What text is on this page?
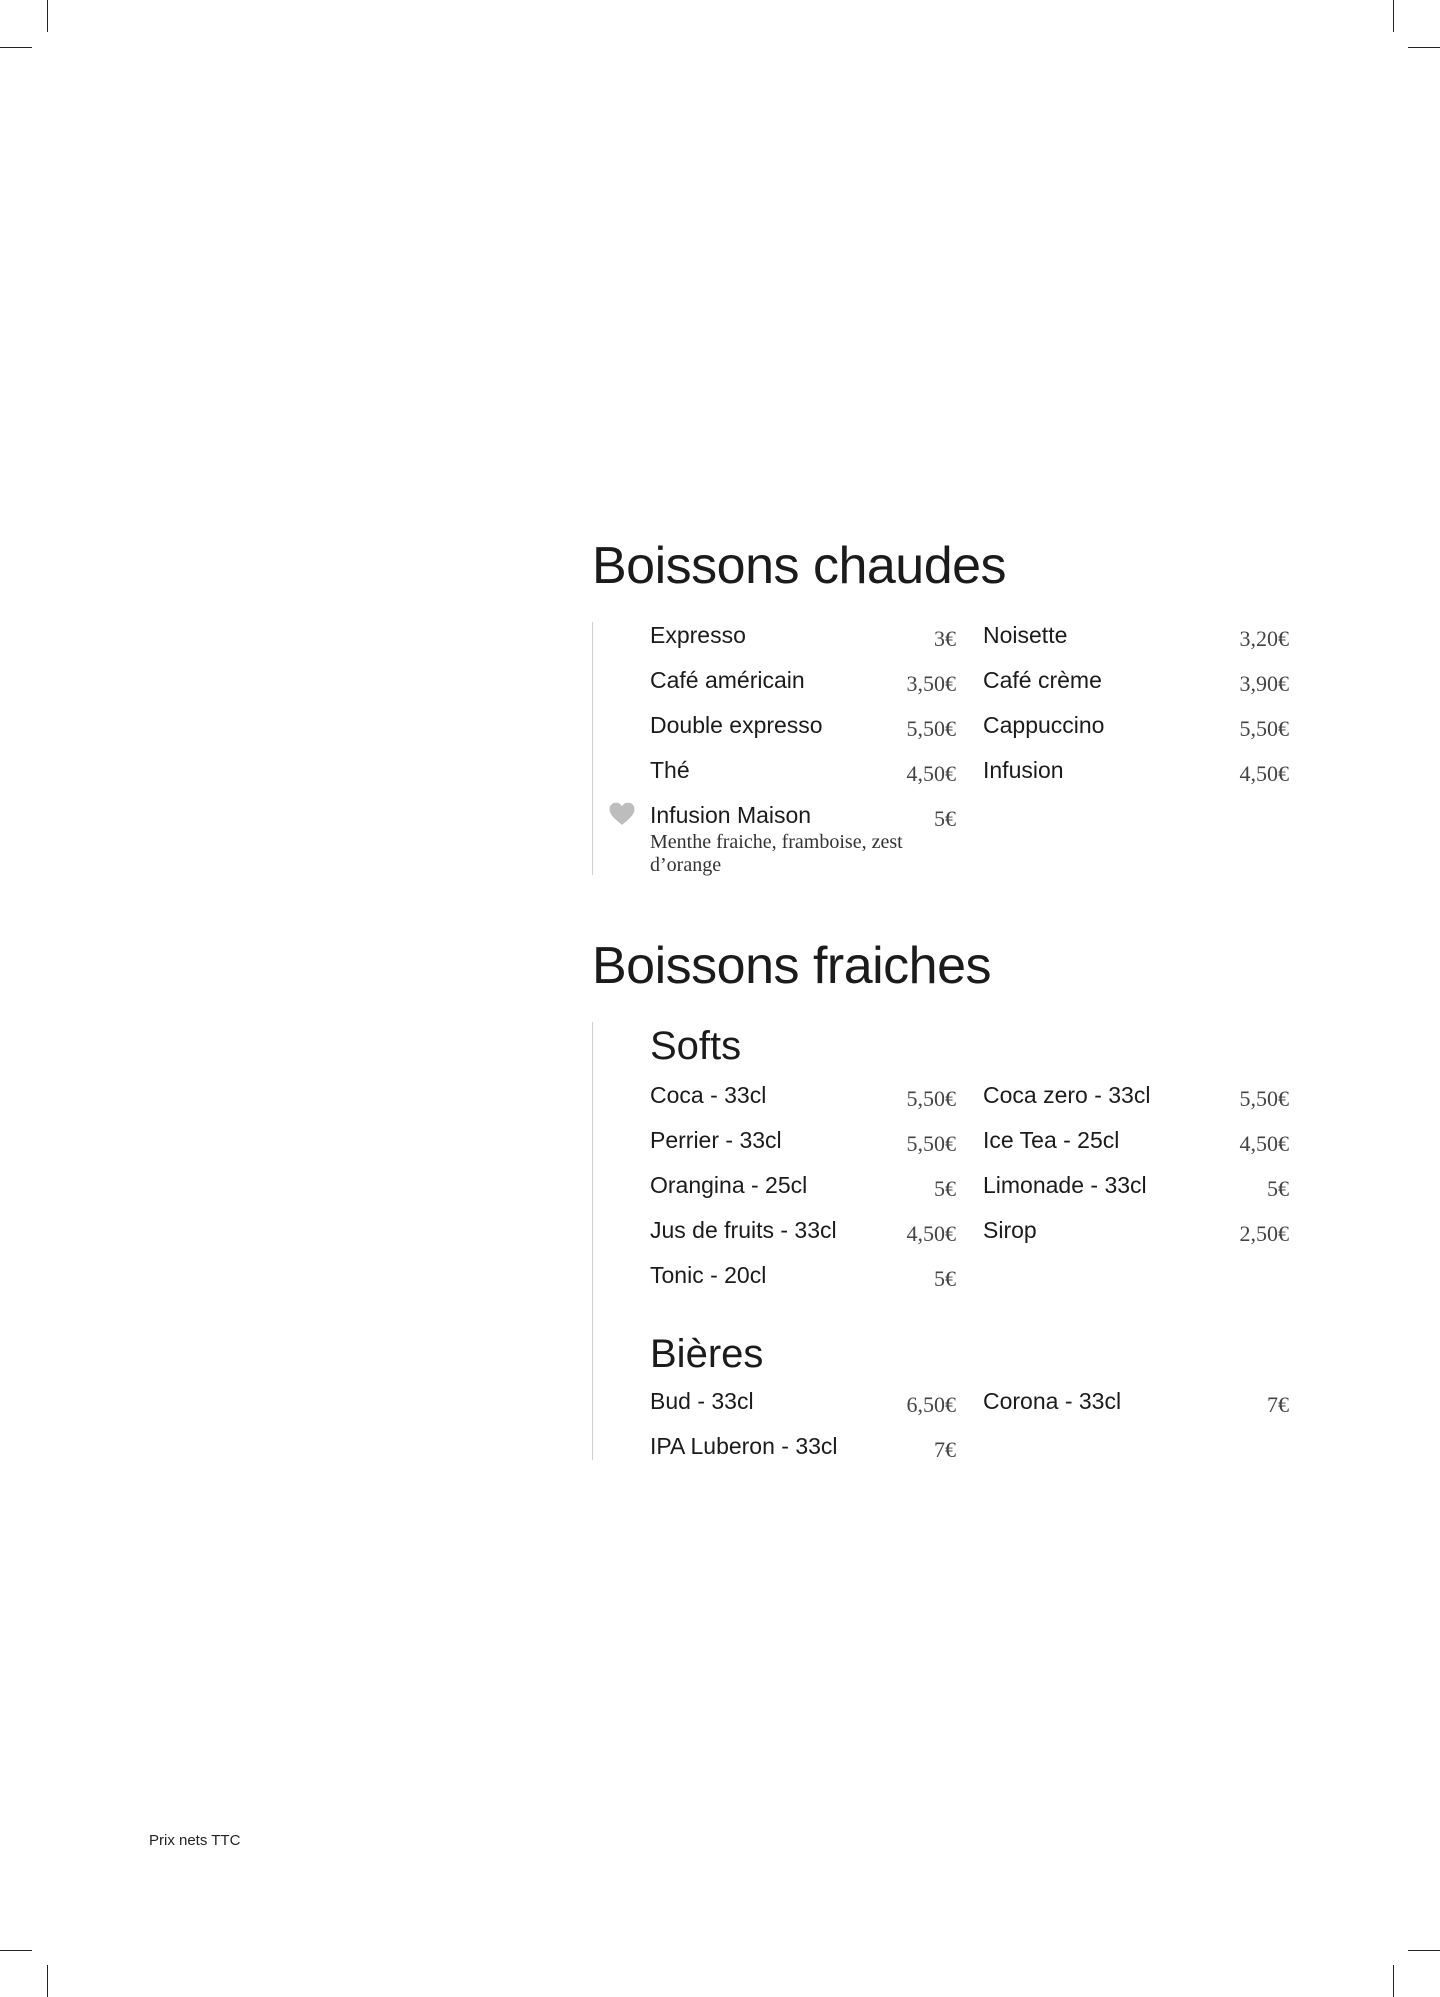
Boissons chaudes
Expresso	3€
Café américain	3,50€
Double expresso	5,50€
Thé	4,50€
Infusion Maison	5€
Menthe fraiche, framboise, zest d’orange
Noisette	3,20€
Café crème	3,90€
Cappuccino	5,50€
Infusion	4,50€
Boissons fraiches
Softs
Coca - 33cl	5,50€
Perrier - 33cl	5,50€
Orangina - 25cl	5€
Jus de fruits - 33cl	4,50€
Tonic - 20cl	5€
Coca zero - 33cl	5,50€
Ice Tea - 25cl	4,50€
Limonade - 33cl	5€
Sirop	2,50€
Bières
Bud - 33cl	6,50€
IPA Luberon - 33cl	7€
Corona - 33cl	7€
Prix nets TTC
